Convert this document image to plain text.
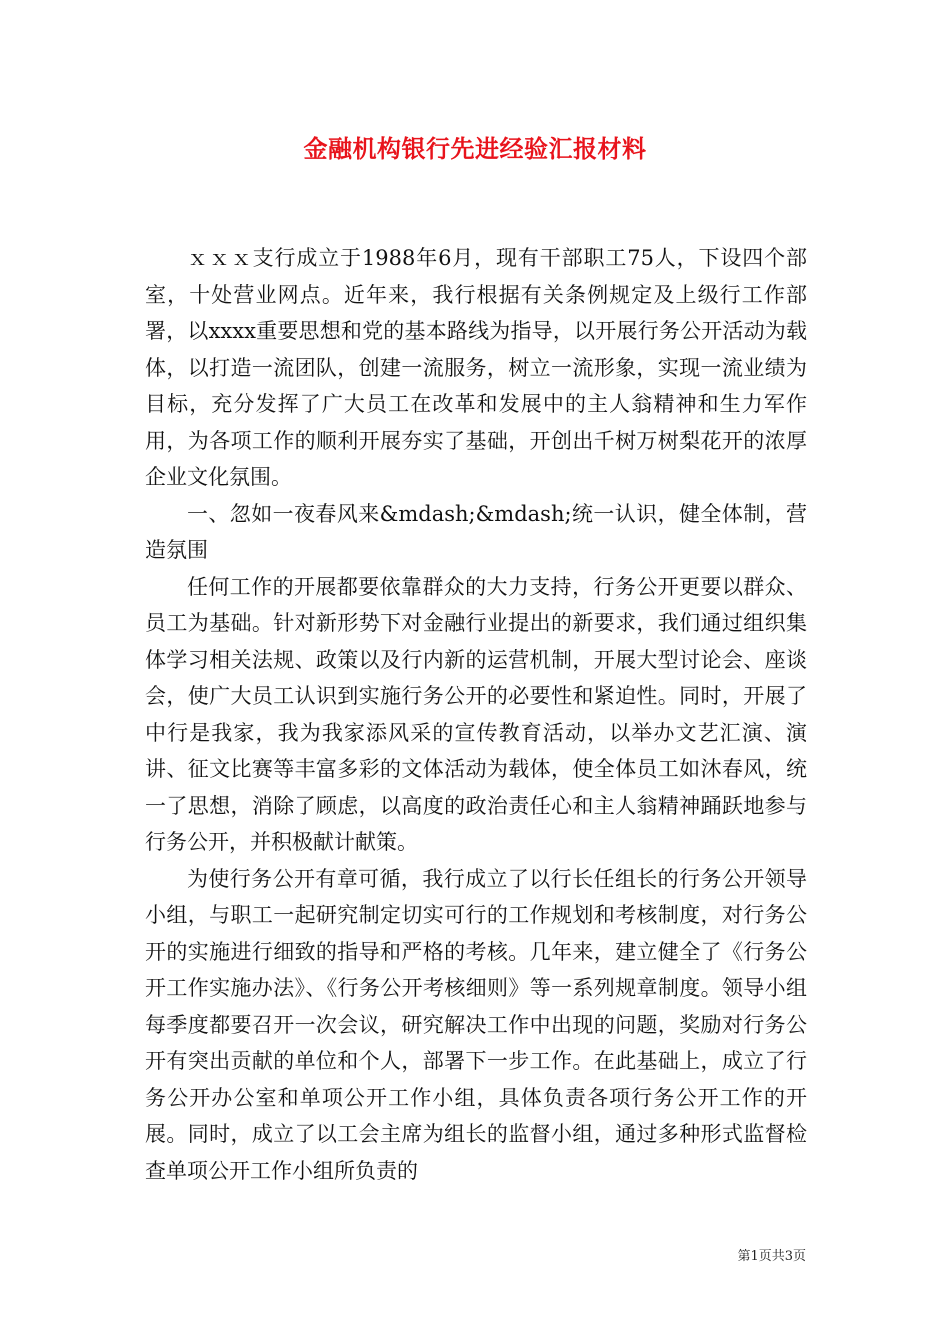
金融机构银行先进经验汇报材料

ｘｘｘ支行成立于1988年6月，现有干部职工75人，下设四个部室，十处营业网点。近年来，我行根据有关条例规定及上级行工作部署，以xxxx重要思想和党的基本路线为指导，以开展行务公开活动为载体，以打造一流团队，创建一流服务，树立一流形象，实现一流业绩为目标，充分发挥了广大员工在改革和发展中的主人翁精神和生力军作用，为各项工作的顺利开展夯实了基础，开创出千树万树梨花开的浓厚企业文化氛围。

一、忽如一夜春风来&mdash;&mdash;统一认识，健全体制，营造氛围

任何工作的开展都要依靠群众的大力支持，行务公开更要以群众、员工为基础。针对新形势下对金融行业提出的新要求，我们通过组织集体学习相关法规、政策以及行内新的运营机制，开展大型讨论会、座谈会，使广大员工认识到实施行务公开的必要性和紧迫性。同时，开展了中行是我家，我为我家添风采的宣传教育活动，以举办文艺汇演、演讲、征文比赛等丰富多彩的文体活动为载体，使全体员工如沐春风，统一了思想，消除了顾虑，以高度的政治责任心和主人翁精神踊跃地参与行务公开，并积极献计献策。

为使行务公开有章可循，我行成立了以行长任组长的行务公开领导小组，与职工一起研究制定切实可行的工作规划和考核制度，对行务公开的实施进行细致的指导和严格的考核。几年来，建立健全了《行务公开工作实施办法》、《行务公开考核细则》等一系列规章制度。领导小组每季度都要召开一次会议，研究解决工作中出现的问题，奖励对行务公开有突出贡献的单位和个人，部署下一步工作。在此基础上，成立了行务公开办公室和单项公开工作小组，具体负责各项行务公开工作的开展。同时，成立了以工会主席为组长的监督小组，通过多种形式监督检查单项公开工作小组所负责的

第1页共3页
